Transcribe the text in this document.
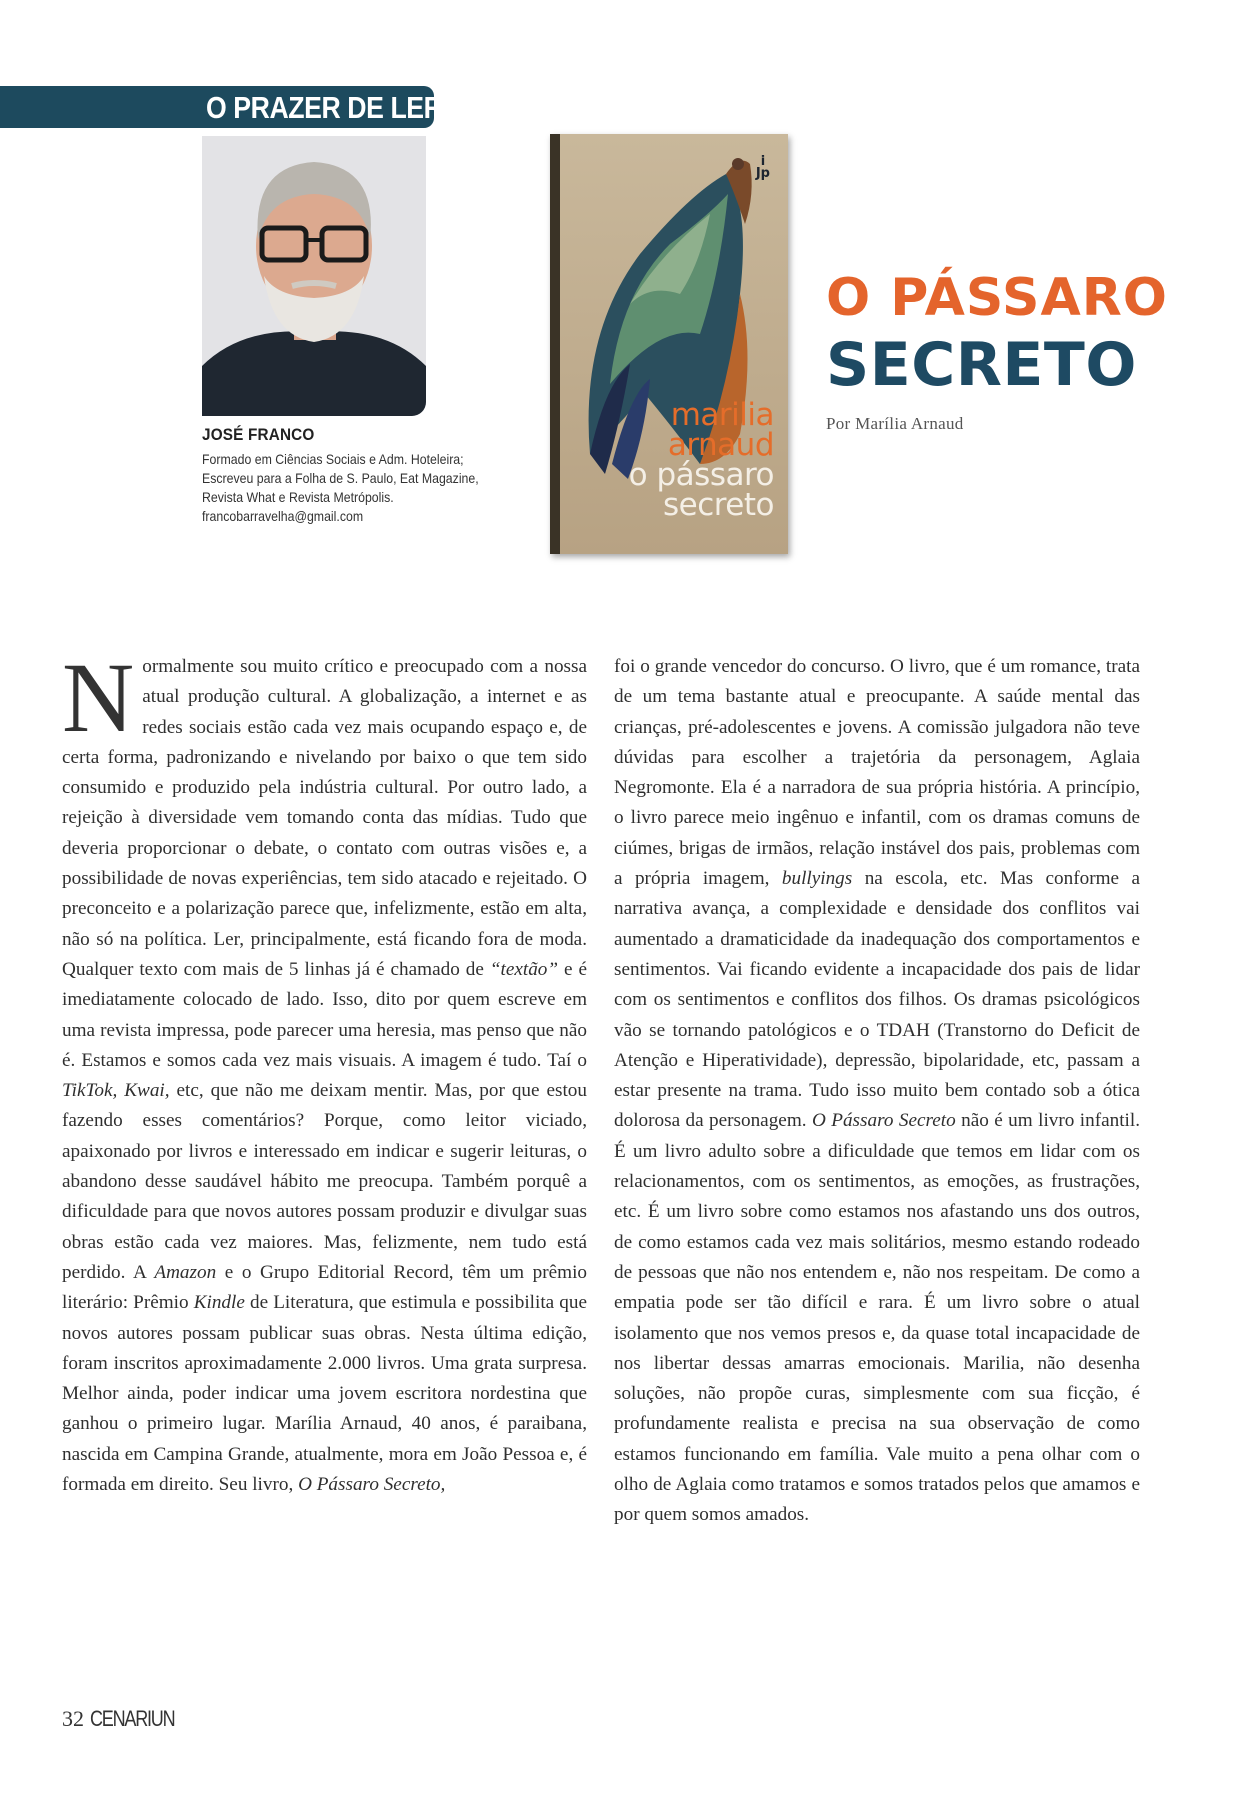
O PRAZER DE LER
JOSÉ FRANCO
Formado em Ciências Sociais e Adm. Hoteleira;
Escreveu para a Folha de S. Paulo, Eat Magazine,
Revista What e Revista Metrópolis.
francobarravelha@gmail.com
i
Jp
marilia
arnaud
o pássaro
secreto
O PÁSSARO
SECRETO
Por Marília Arnaud
N ormalmente sou muito crítico e preocupado com a nossa atual produção cultural. A globalização, a internet e as redes sociais estão cada vez mais ocupando espaço e, de certa forma, padronizando e nivelando por baixo o que tem sido consumido e produzido pela indústria cultural. Por outro lado, a rejeição à diversidade vem tomando conta das mídias. Tudo que deveria proporcionar o debate, o contato com outras visões e, a possibilidade de novas experiências, tem sido atacado e rejeitado. O preconceito e a polarização parece que, infelizmente, estão em alta, não só na política. Ler, principalmente, está ficando fora de moda. Qualquer texto com mais de 5 linhas já é chamado de “textão” e é imediatamente colocado de lado. Isso, dito por quem escreve em uma revista impressa, pode parecer uma heresia, mas penso que não é. Estamos e somos cada vez mais visuais. A imagem é tudo. Taí o TikTok, Kwai, etc, que não me deixam mentir. Mas, por que estou fazendo esses comentários? Porque, como leitor viciado, apaixonado por livros e interessado em indicar e sugerir leituras, o abandono desse saudável hábito me preocupa. Também porquê a dificuldade para que novos autores possam produzir e divulgar suas obras estão cada vez maiores. Mas, felizmente, nem tudo está perdido. A Amazon e o Grupo Editorial Record, têm um prêmio literário: Prêmio Kindle de Literatura, que estimula e possibilita que novos autores possam publicar suas obras. Nesta última edição, foram inscritos aproximadamente 2.000 livros. Uma grata surpresa. Melhor ainda, poder indicar uma jovem escritora nordestina que ganhou o primeiro lugar. Marília Arnaud, 40 anos, é paraibana, nascida em Campina Grande, atualmente, mora em João Pessoa e, é formada em direito. Seu livro, O Pássaro Secreto,
foi o grande vencedor do concurso. O livro, que é um romance, trata de um tema bastante atual e preocupante. A saúde mental das crianças, pré-adolescentes e jovens. A comissão julgadora não teve dúvidas para escolher a trajetória da personagem, Aglaia Negromonte. Ela é a narradora de sua própria história. A princípio, o livro parece meio ingênuo e infantil, com os dramas comuns de ciúmes, brigas de irmãos, relação instável dos pais, problemas com a própria imagem, bullyings na escola, etc. Mas conforme a narrativa avança, a complexidade e densidade dos conflitos vai aumentado a dramaticidade da inadequação dos comportamentos e sentimentos. Vai ficando evidente a incapacidade dos pais de lidar com os sentimentos e conflitos dos filhos. Os dramas psicológicos vão se tornando patológicos e o TDAH (Transtorno do Deficit de Atenção e Hiperatividade), depressão, bipolaridade, etc, passam a estar presente na trama. Tudo isso muito bem contado sob a ótica dolorosa da personagem. O Pássaro Secreto não é um livro infantil. É um livro adulto sobre a dificuldade que temos em lidar com os relacionamentos, com os sentimentos, as emoções, as frustrações, etc. É um livro sobre como estamos nos afastando uns dos outros, de como estamos cada vez mais solitários, mesmo estando rodeado de pessoas que não nos entendem e, não nos respeitam. De como a empatia pode ser tão difícil e rara. É um livro sobre o atual isolamento que nos vemos presos e, da quase total incapacidade de nos libertar dessas amarras emocionais. Marilia, não desenha soluções, não propõe curas, simplesmente com sua ficção, é profundamente realista e precisa na sua observação de como estamos funcionando em família. Vale muito a pena olhar com o olho de Aglaia como tratamos e somos tratados pelos que amamos e por quem somos amados.
32 CENARIUN
